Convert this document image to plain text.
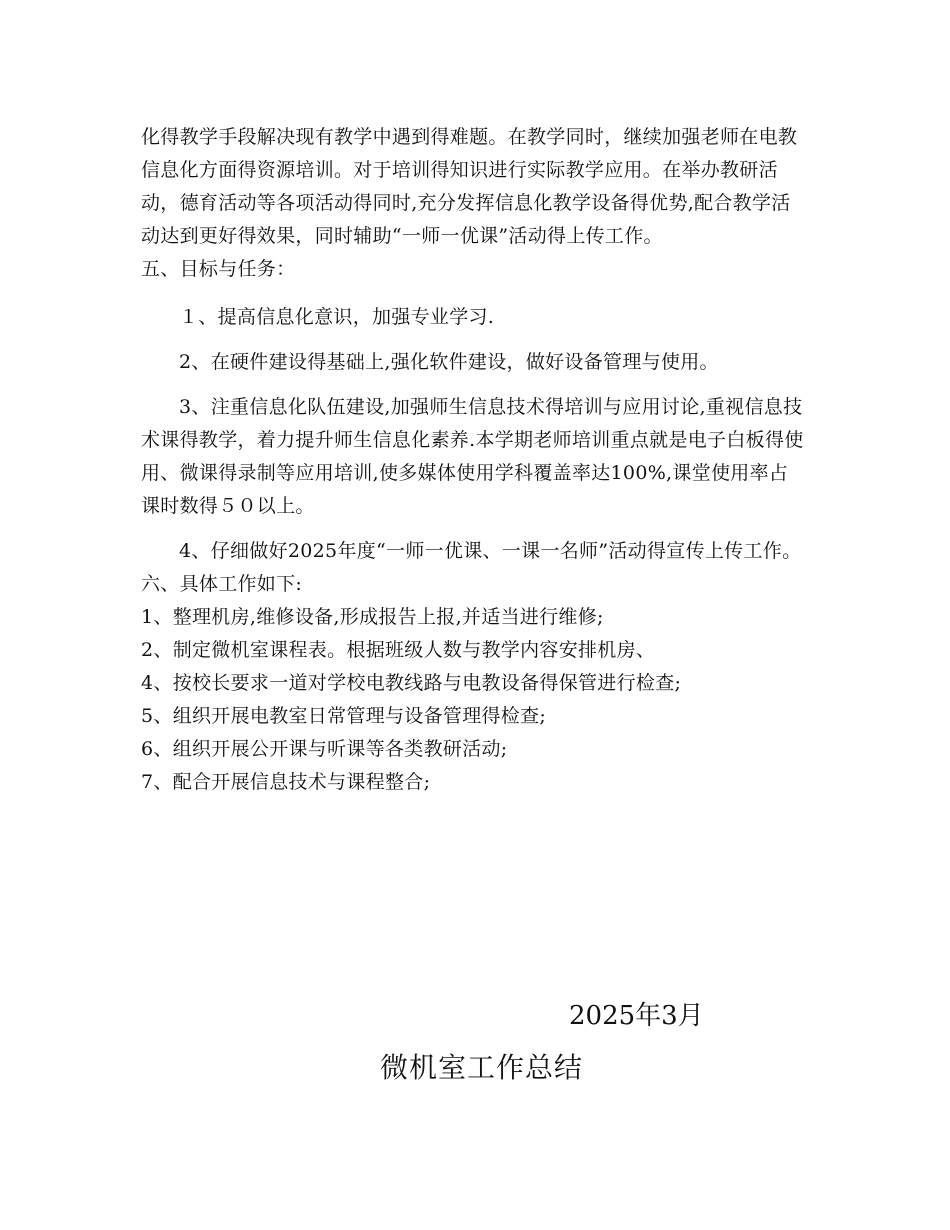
化得教学手段解决现有教学中遇到得难题。在教学同时，继续加强老师在电教信息化方面得资源培训。对于培训得知识进行实际教学应用。在举办教研活动，德育活动等各项活动得同时,充分发挥信息化教学设备得优势,配合教学活动达到更好得效果，同时辅助“一师一优课”活动得上传工作。

五、目标与任务：

１、提高信息化意识，加强专业学习.

2、在硬件建设得基础上,强化软件建设，做好设备管理与使用。

3、注重信息化队伍建设,加强师生信息技术得培训与应用讨论,重视信息技术课得教学，着力提升师生信息化素养.本学期老师培训重点就是电子白板得使用、微课得录制等应用培训,使多媒体使用学科覆盖率达100%,课堂使用率占课时数得５０以上。

4、仔细做好2025年度“一师一优课、一课一名师”活动得宣传上传工作。

六、具体工作如下:

1、整理机房,维修设备,形成报告上报,并适当进行维修;

2、制定微机室课程表。根据班级人数与教学内容安排机房、

4、按校长要求一道对学校电教线路与电教设备得保管进行检查;

5、组织开展电教室日常管理与设备管理得检查;

6、组织开展公开课与听课等各类教研活动;

7、配合开展信息技术与课程整合;

2025年3月
微机室工作总结
